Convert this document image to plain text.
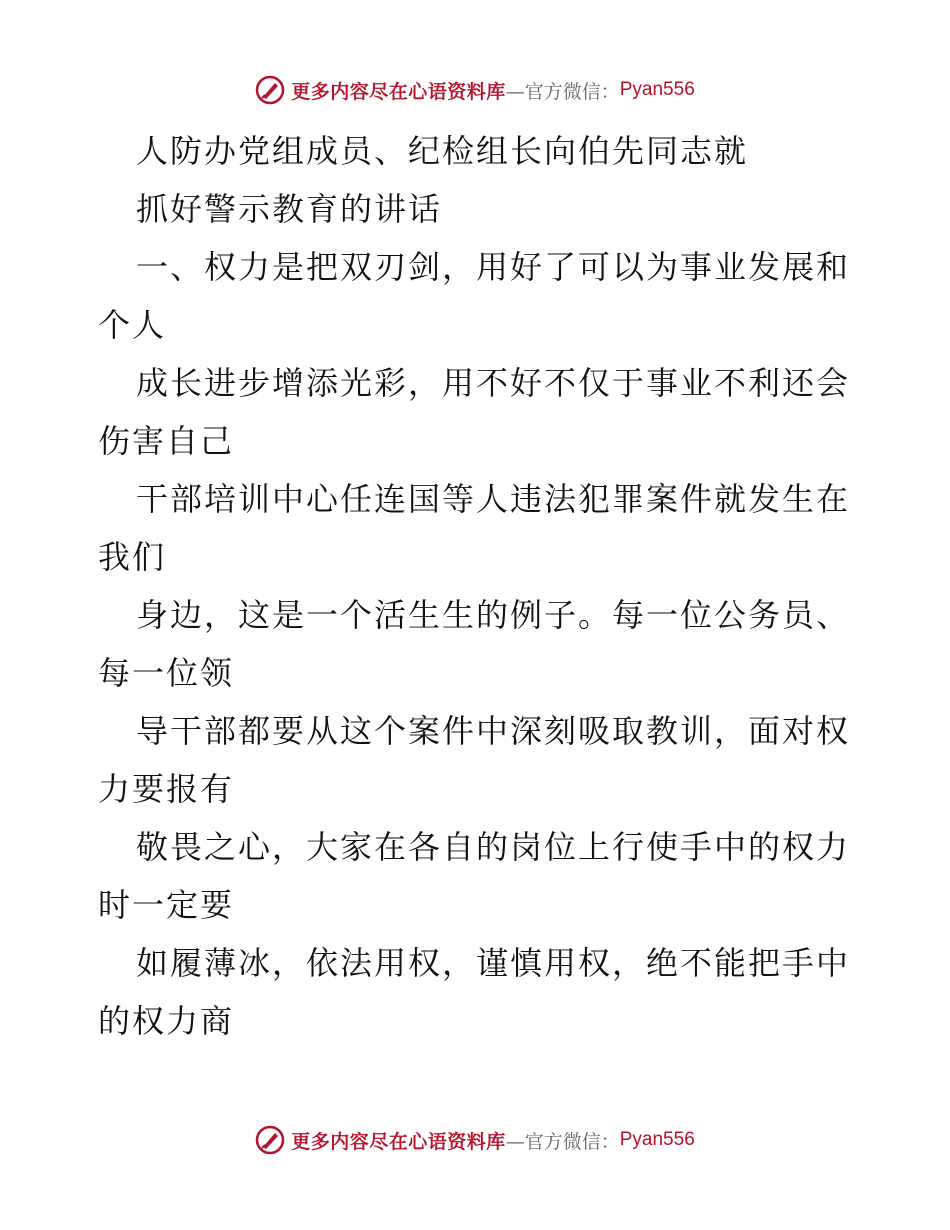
更多内容尽在心语资料库 —官方微信： Pyan556
人防办党组成员、纪检组长向伯先同志就
抓好警示教育的讲话
一、权力是把双刃剑，用好了可以为事业发展和
个人
成长进步增添光彩，用不好不仅于事业不利还会
伤害自己
干部培训中心任连国等人违法犯罪案件就发生在
我们
身边，这是一个活生生的例子。每一位公务员、
每一位领
导干部都要从这个案件中深刻吸取教训，面对权
力要报有
敬畏之心，大家在各自的岗位上行使手中的权力
时一定要
如履薄冰，依法用权，谨慎用权，绝不能把手中
的权力商
更多内容尽在心语资料库 —官方微信： Pyan556
